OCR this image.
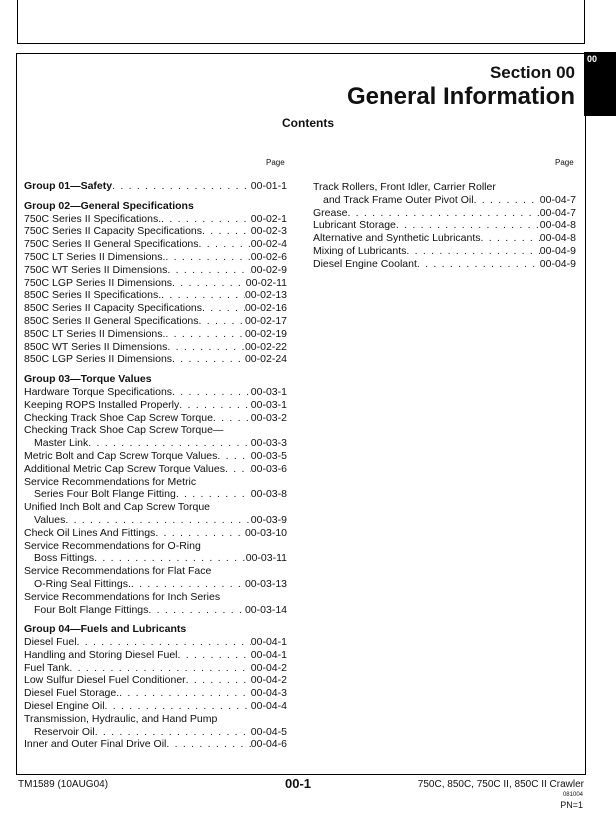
00
Section 00
General Information
Contents
Page	Page
Group 01—Safety . . .	00-01-1
Group 02—General Specifications
750C Series II Specifications. . . .	00-02-1
750C Series II Capacity Specifications . . .	00-02-3
750C Series II General Specifications . . .	00-02-4
750C LT Series II Dimensions. . . .	00-02-6
750C WT Series II Dimensions . . .	00-02-9
750C LGP Series II Dimensions . . .	00-02-11
850C Series II Specifications. . . .	00-02-13
850C Series II Capacity Specifications . . .	00-02-16
850C Series II General Specifications . . .	00-02-17
850C LT Series II Dimensions. . . .	00-02-19
850C WT Series II Dimensions . . .	00-02-22
850C LGP Series II Dimensions . . .	00-02-24
Group 03—Torque Values
Hardware Torque Specifications . . .	00-03-1
Keeping ROPS Installed Properly . . .	00-03-1
Checking Track Shoe Cap Screw Torque . . .	00-03-2
Checking Track Shoe Cap Screw Torque—
Master Link . . .	00-03-3
Metric Bolt and Cap Screw Torque Values . . .	00-03-5
Additional Metric Cap Screw Torque Values . . . 00-03-6
Service Recommendations for Metric
Series Four Bolt Flange Fitting . . .	00-03-8
Unified Inch Bolt and Cap Screw Torque
Values . . .	00-03-9
Check Oil Lines And Fittings . . .	00-03-10
Service Recommendations for O-Ring
Boss Fittings . . .	00-03-11
Service Recommendations for Flat Face
O-Ring Seal Fittings. . . .	00-03-13
Service Recommendations for Inch Series
Four Bolt Flange Fittings . . .	00-03-14
Group 04—Fuels and Lubricants
Diesel Fuel . . .	00-04-1
Handling and Storing Diesel Fuel . . .	00-04-1
Fuel Tank . . .	00-04-2
Low Sulfur Diesel Fuel Conditioner . . .	00-04-2
Diesel Fuel Storage. . . .	00-04-3
Diesel Engine Oil . . .	00-04-4
Transmission, Hydraulic, and Hand Pump
Reservoir Oil . . .	00-04-5
Inner and Outer Final Drive Oil . . .	00-04-6
Track Rollers, Front Idler, Carrier Roller
and Track Frame Outer Pivot Oil . . .	00-04-7
Grease . . .	00-04-7
Lubricant Storage . . .	00-04-8
Alternative and Synthetic Lubricants . . .	00-04-8
Mixing of Lubricants . . .	00-04-9
Diesel Engine Coolant . . .	00-04-9
TM1589 (10AUG04)	00-1	750C, 850C, 750C II, 850C II Crawler
081004
PN=1
